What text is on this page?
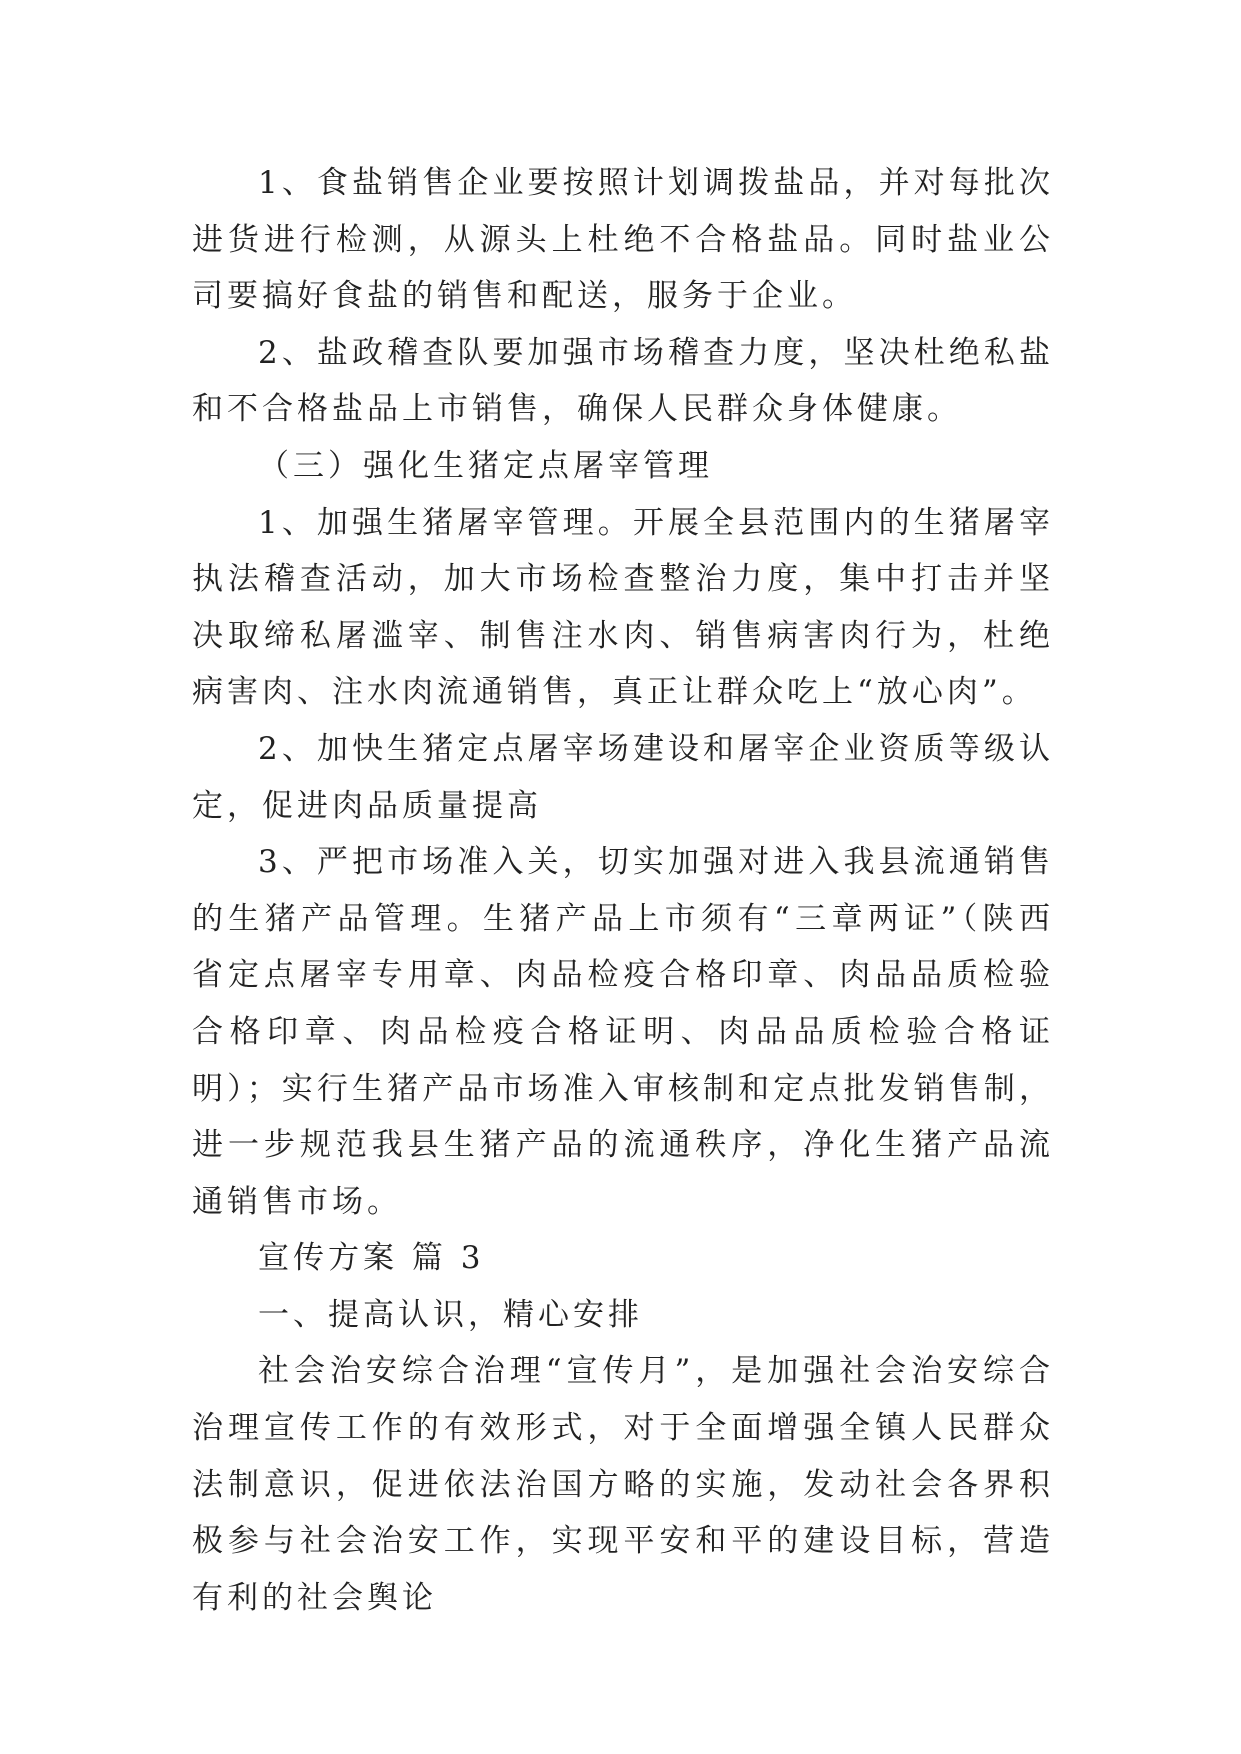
1、食盐销售企业要按照计划调拨盐品，并对每批次进货进行检测，从源头上杜绝不合格盐品。同时盐业公司要搞好食盐的销售和配送，服务于企业。

2、盐政稽查队要加强市场稽查力度，坚决杜绝私盐和不合格盐品上市销售，确保人民群众身体健康。

（三）强化生猪定点屠宰管理

1、加强生猪屠宰管理。开展全县范围内的生猪屠宰执法稽查活动，加大市场检查整治力度，集中打击并坚决取缔私屠滥宰、制售注水肉、销售病害肉行为，杜绝病害肉、注水肉流通销售，真正让群众吃上“放心肉”。

2、加快生猪定点屠宰场建设和屠宰企业资质等级认定，促进肉品质量提高

3、严把市场准入关，切实加强对进入我县流通销售的生猪产品管理。生猪产品上市须有“三章两证”（陕西省定点屠宰专用章、肉品检疫合格印章、肉品品质检验合格印章、肉品检疫合格证明、肉品品质检验合格证明）；实行生猪产品市场准入审核制和定点批发销售制，进一步规范我县生猪产品的流通秩序，净化生猪产品流通销售市场。

宣传方案 篇 3

一、提高认识，精心安排

社会治安综合治理“宣传月”，是加强社会治安综合治理宣传工作的有效形式，对于全面增强全镇人民群众法制意识，促进依法治国方略的实施，发动社会各界积极参与社会治安工作，实现平安和平的建设目标，营造有利的社会舆论
